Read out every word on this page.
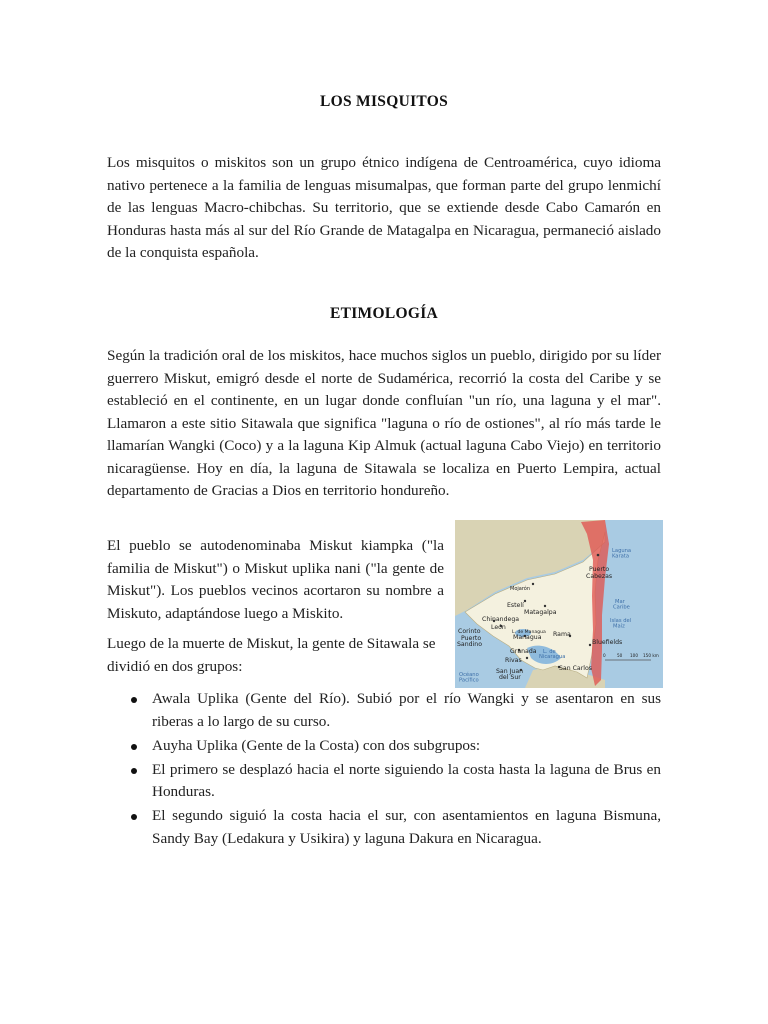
LOS MISQUITOS

Los misquitos o miskitos son un grupo étnico indígena de Centroamérica, cuyo idioma nativo pertenece a la familia de lenguas misumalpas, que forman parte del grupo lenmichí de las lenguas Macro-chibchas. Su territorio, que se extiende desde Cabo Camarón en Honduras hasta más al sur del Río Grande de Matagalpa en Nicaragua, permaneció aislado de la conquista española.

ETIMOLOGÍA

Según la tradición oral de los miskitos, hace muchos siglos un pueblo, dirigido por su líder guerrero Miskut, emigró desde el norte de Sudamérica, recorrió la costa del Caribe y se estableció en el continente, en un lugar donde confluían "un río, una laguna y el mar". Llamaron a este sitio Sitawala que significa "laguna o río de ostiones", al río más tarde le llamarían Wangki (Coco) y a la laguna Kip Almuk (actual laguna Cabo Viejo) en territorio nicaragüense. Hoy en día, la laguna de Sitawala se localiza en Puerto Lempira, actual departamento de Gracias a Dios en territorio hondureño.

El pueblo se autodenominaba Miskut kiampka ("la familia de Miskut") o Miskut uplika nani ("la gente de Miskut"). Los pueblos vecinos acortaron su nombre a Miskuto, adaptándose luego a Miskito.

Luego de la muerte de Miskut, la gente de Sitawala se dividió en dos grupos:

Puerto Cabezas
Laguna Karata
Mar Caribe
Islas del Maíz
Mojarón
Estelí
Matagalpa
Chinandega
León
L. de Managua
Managua Rama
Bluefields
Corinto
Puerto Sandino
Granada	L. de Nicaragua
Rivas
San Carlos
San Juan del Sur
Océano Pacífico
0	50 100 150 km
Awala Uplika (Gente del Río). Subió por el río Wangki y se asentaron en sus riberas a lo largo de su curso.
Auyha Uplika (Gente de la Costa) con dos subgrupos:
El primero se desplazó hacia el norte siguiendo la costa hasta la laguna de Brus en Honduras.
El segundo siguió la costa hacia el sur, con asentamientos en laguna Bismuna, Sandy Bay (Ledakura y Usikira) y laguna Dakura en Nicaragua.
